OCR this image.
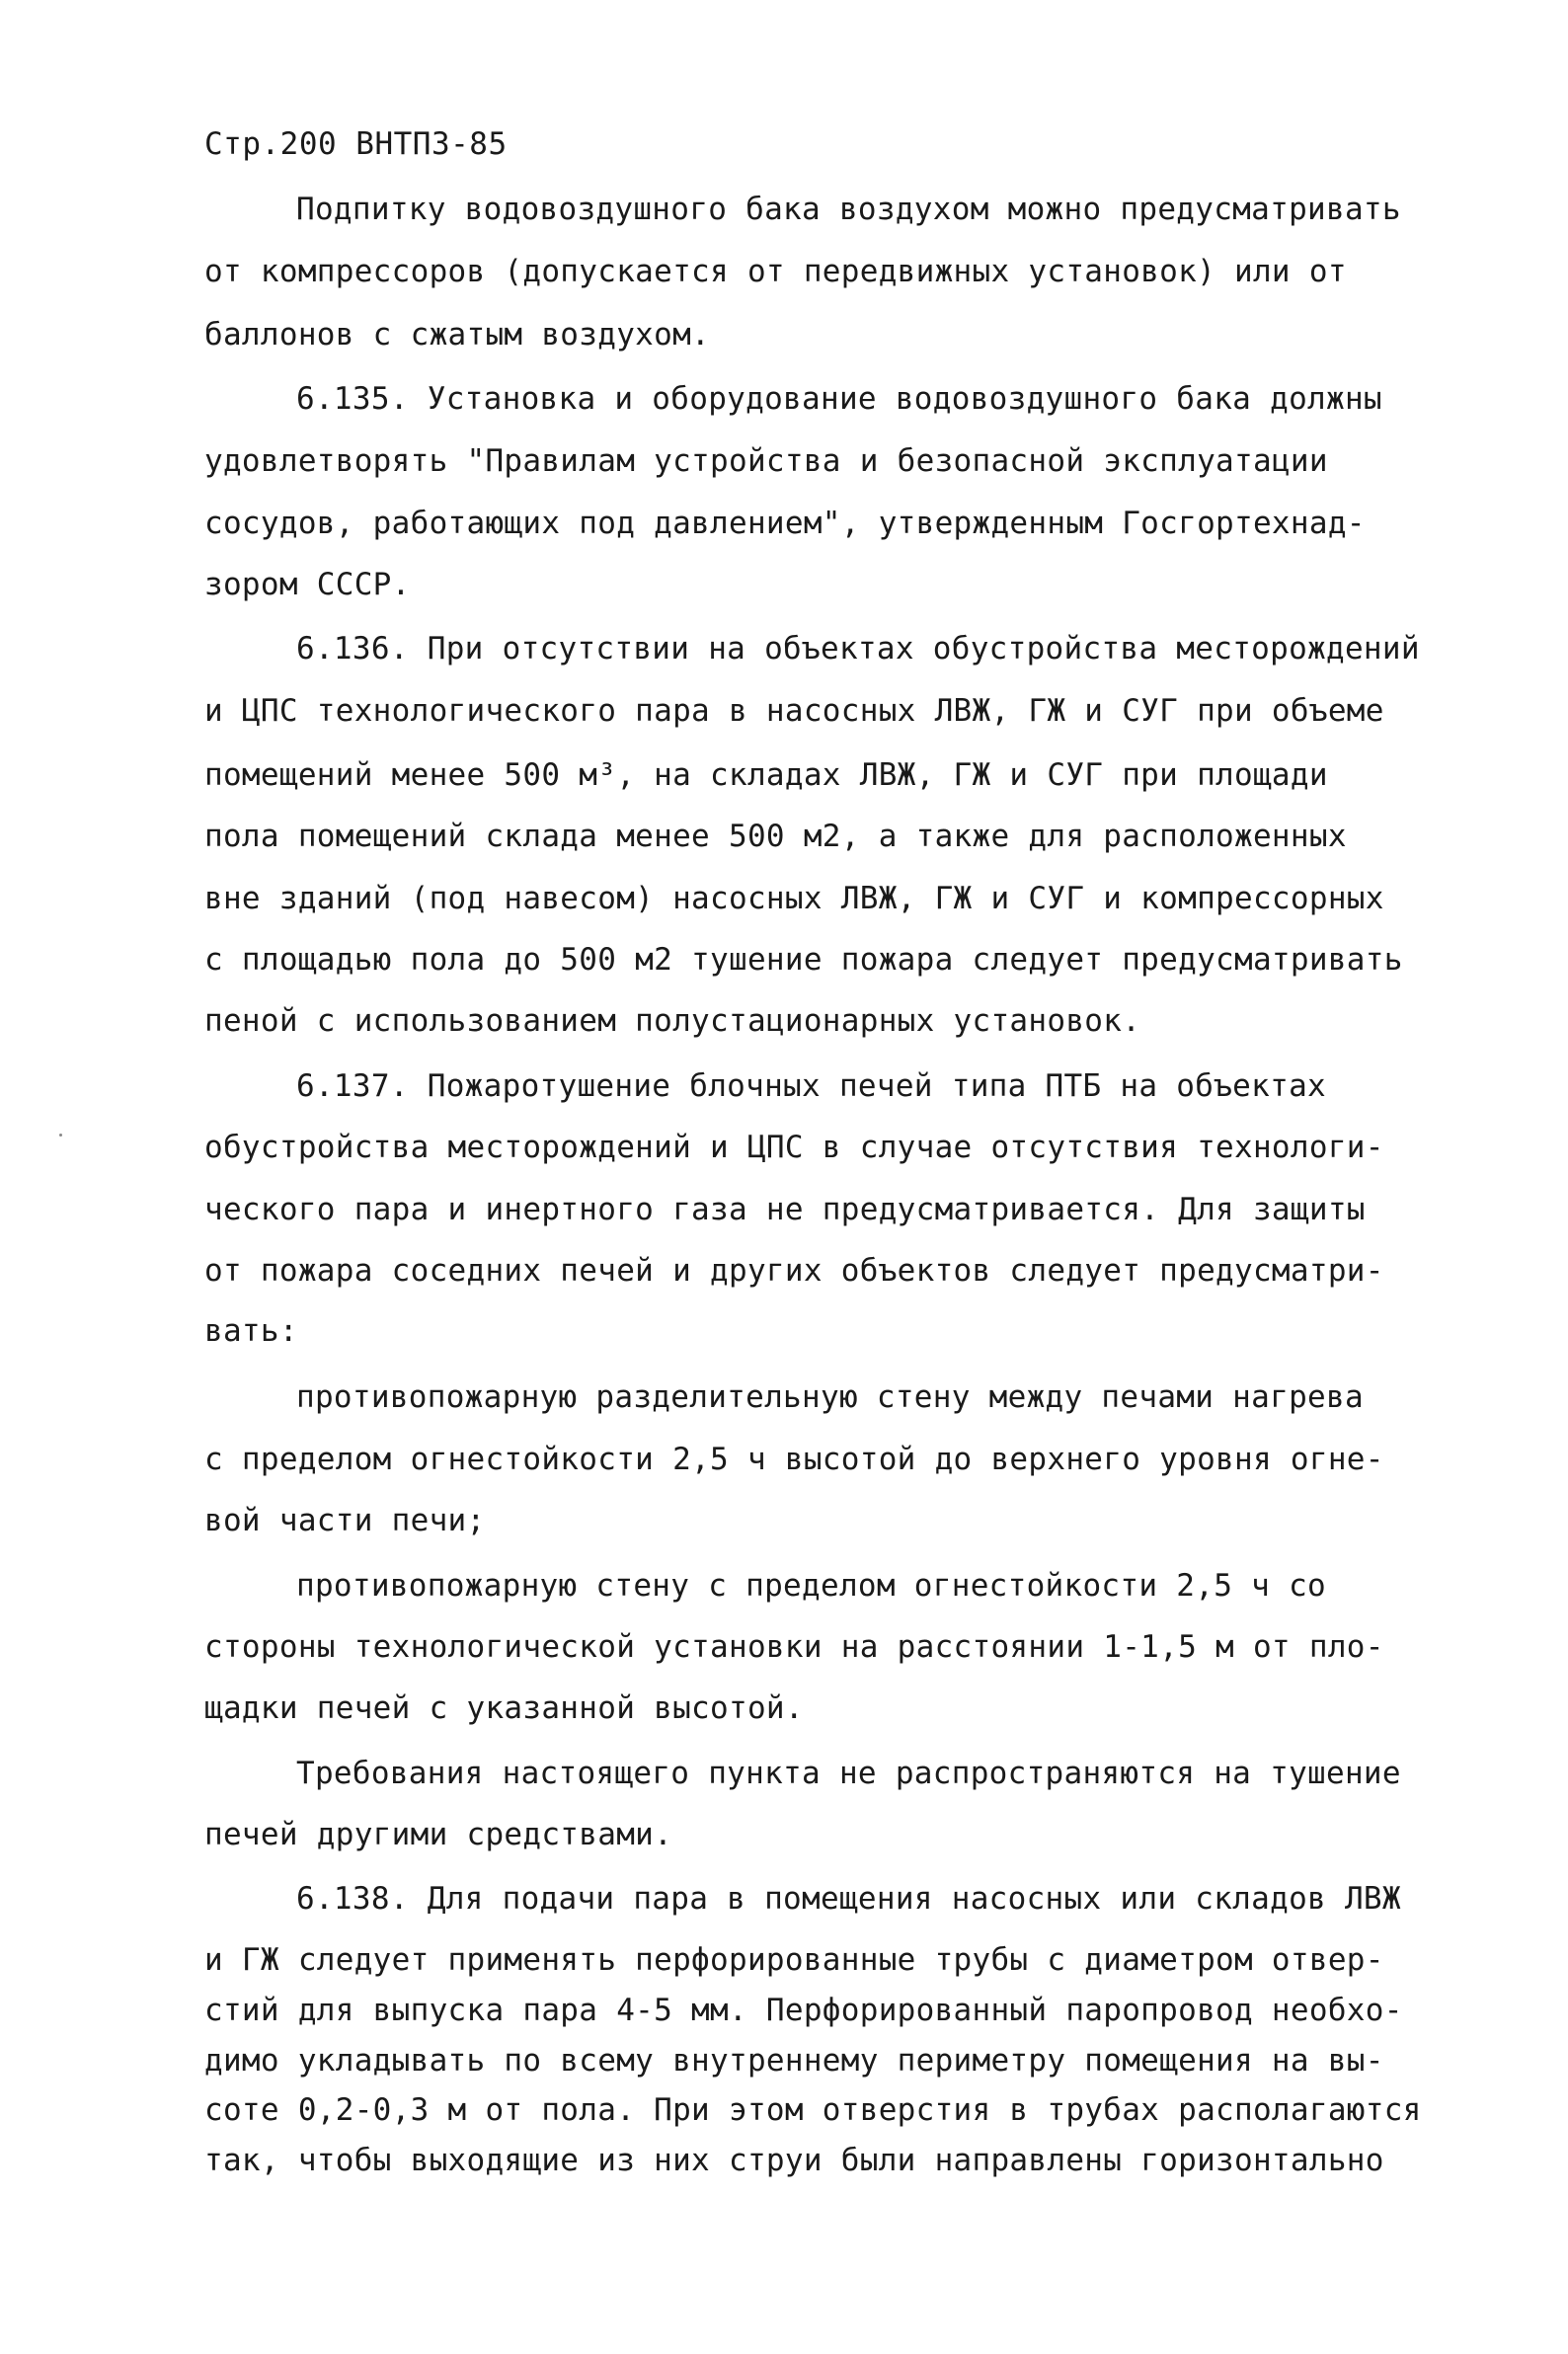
Стр.200 ВНТП3-85
Подпитку водовоздушного бака воздухом можно предусматривать
от компрессоров (допускается от передвижных установок) или от
баллонов с сжатым воздухом.
6.135. Установка и оборудование водовоздушного бака должны
удовлетворять "Правилам устройства и безопасной эксплуатации
сосудов, работающих под давлением", утвержденным Госгортехнад-
зором СССР.
6.136. При отсутствии на объектах обустройства месторождений
и ЦПС технологического пара в насосных ЛВЖ, ГЖ и СУГ при объеме
помещений менее 500 м³, на складах ЛВЖ, ГЖ и СУГ при площади
пола помещений склада менее 500 м2, а также для расположенных
вне зданий (под навесом) насосных ЛВЖ, ГЖ и СУГ и компрессорных
с площадью пола до 500 м2 тушение пожара следует предусматривать
пеной с использованием полустационарных установок.
6.137. Пожаротушение блочных печей типа ПТБ на объектах
обустройства месторождений и ЦПС в случае отсутствия технологи-
ческого пара и инертного газа не предусматривается. Для защиты
от пожара соседних печей и других объектов следует предусматри-
вать:
противопожарную разделительную стену между печами нагрева
с пределом огнестойкости 2,5 ч высотой до верхнего уровня огне-
вой части печи;
противопожарную стену с пределом огнестойкости 2,5 ч со
стороны технологической установки на расстоянии 1-1,5 м от пло-
щадки печей с указанной высотой.
Требования настоящего пункта не распространяются на тушение
печей другими средствами.
6.138. Для подачи пара в помещения насосных или складов ЛВЖ
и ГЖ следует применять перфорированные трубы с диаметром отвер-
стий для выпуска пара 4-5 мм. Перфорированный паропровод необхо-
димо укладывать по всему внутреннему периметру помещения на вы-
соте 0,2-0,3 м от пола. При этом отверстия в трубах располагаются
так, чтобы выходящие из них струи были направлены горизонтально
